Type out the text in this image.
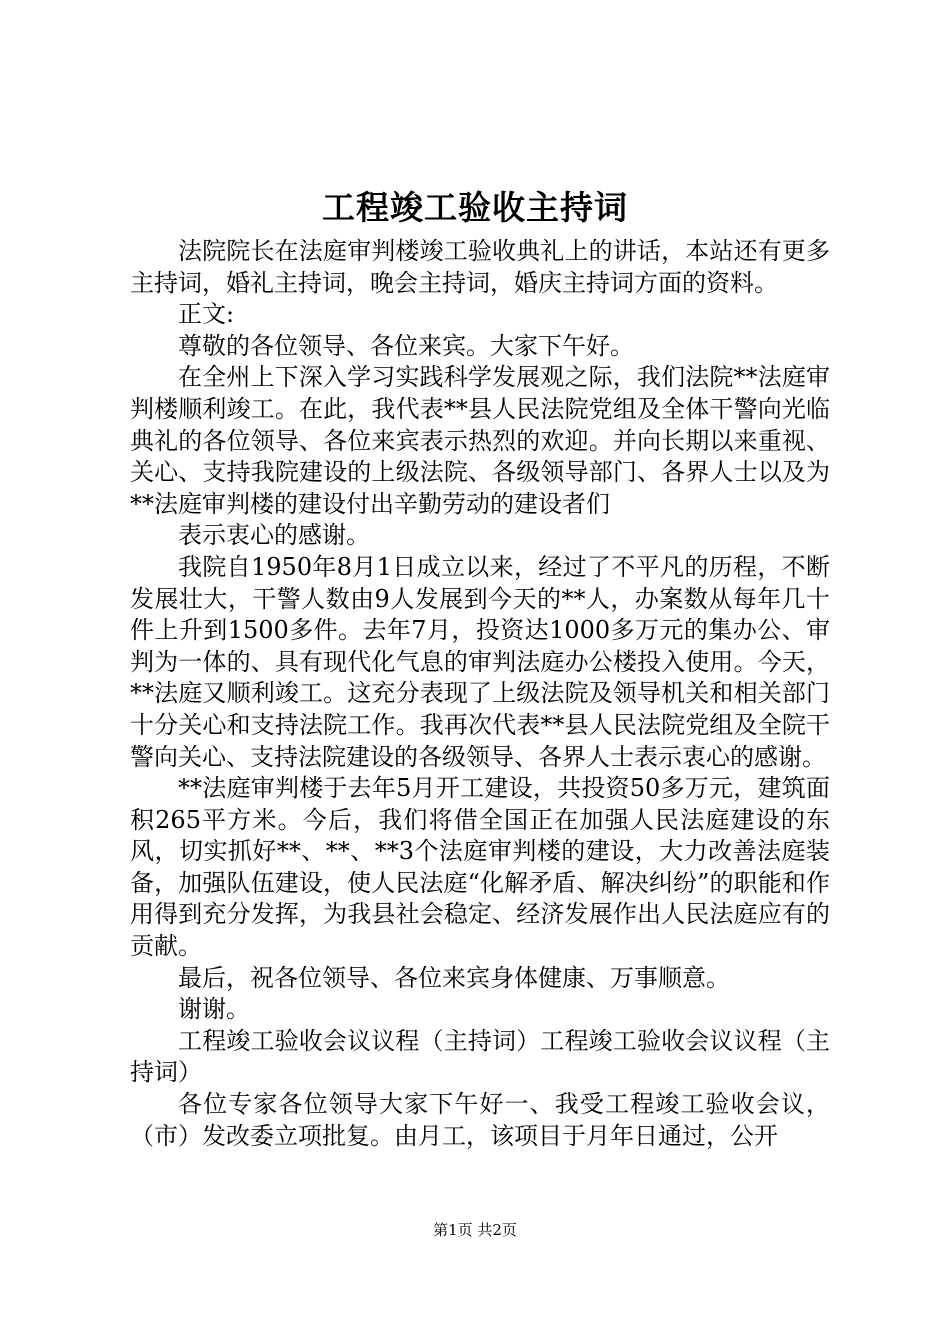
工程竣工验收主持词

法院院长在法庭审判楼竣工验收典礼上的讲话，本站还有更多主持词，婚礼主持词，晚会主持词，婚庆主持词方面的资料。

正文:

尊敬的各位领导、各位来宾。大家下午好。

在全州上下深入学习实践科学发展观之际，我们法院**法庭审判楼顺利竣工。在此，我代表**县人民法院党组及全体干警向光临典礼的各位领导、各位来宾表示热烈的欢迎。并向长期以来重视、关心、支持我院建设的上级法院、各级领导部门、各界人士以及为**法庭审判楼的建设付出辛勤劳动的建设者们

表示衷心的感谢。

我院自1950年8月1日成立以来，经过了不平凡的历程，不断发展壮大，干警人数由9人发展到今天的**人，办案数从每年几十件上升到1500多件。去年7月，投资达1000多万元的集办公、审判为一体的、具有现代化气息的审判法庭办公楼投入使用。今天，**法庭又顺利竣工。这充分表现了上级法院及领导机关和相关部门十分关心和支持法院工作。我再次代表**县人民法院党组及全院干警向关心、支持法院建设的各级领导、各界人士表示衷心的感谢。

**法庭审判楼于去年5月开工建设，共投资50多万元，建筑面积265平方米。今后，我们将借全国正在加强人民法庭建设的东风，切实抓好**、**、**3个法庭审判楼的建设，大力改善法庭装备，加强队伍建设，使人民法庭“化解矛盾、解决纠纷”的职能和作用得到充分发挥，为我县社会稳定、经济发展作出人民法庭应有的贡献。

最后，祝各位领导、各位来宾身体健康、万事顺意。

谢谢。

工程竣工验收会议议程（主持词）工程竣工验收会议议程（主持词）

各位专家各位领导大家下午好一、我受工程竣工验收会议，（市）发改委立项批复。由月工，该项目于月年日通过，公开

第1页 共2页
